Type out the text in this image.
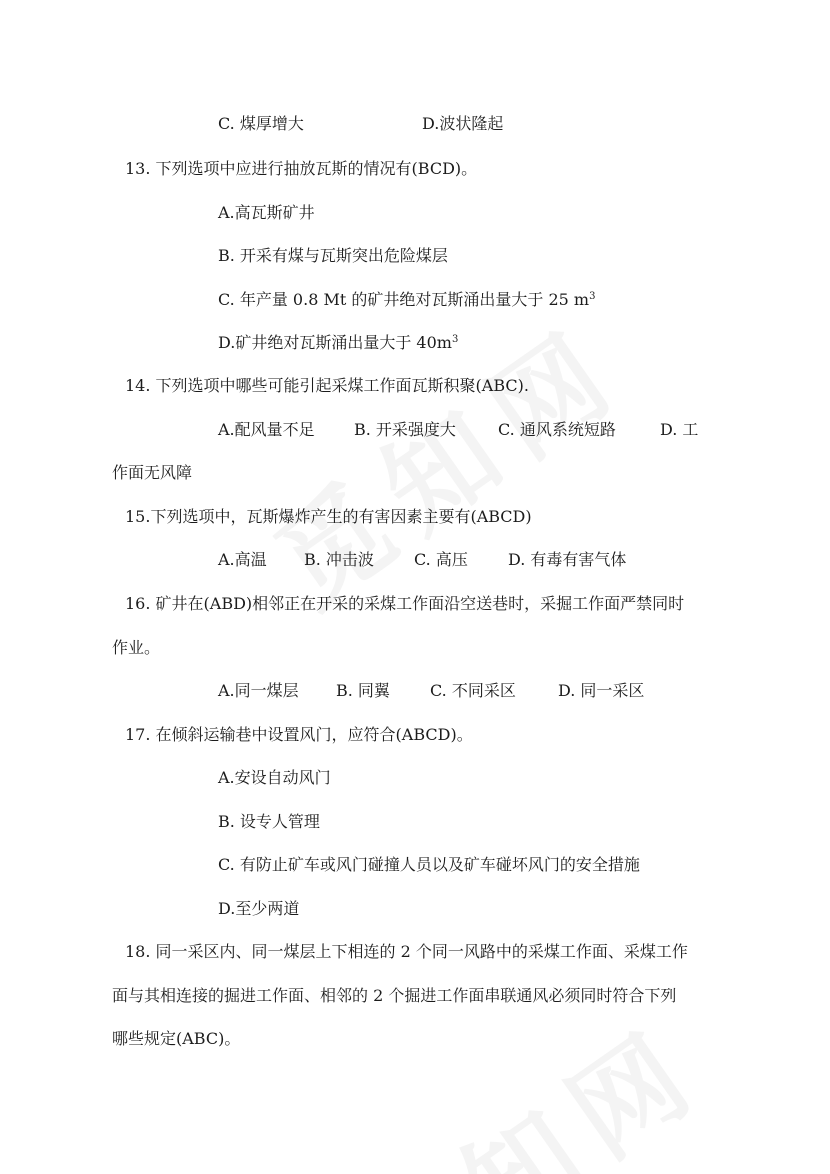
C. 煤厚增大	D.波状隆起
13. 下列选项中应进行抽放瓦斯的情况有(BCD)。
A.高瓦斯矿井
B. 开采有煤与瓦斯突出危险煤层
C. 年产量 0.8 Mt 的矿井绝对瓦斯涌出量大于 25 $m^3$
D.矿井绝对瓦斯涌出量大于 $40m^3$
14. 下列选项中哪些可能引起采煤工作面瓦斯积聚(ABC).
A.配风量不足 B. 开采强度大	C. 通风系统短路	D. 工
作面无风障
15.下列选项中，瓦斯爆炸产生的有害因素主要有(ABCD)
A.高温 B. 冲击波	C. 高压	D. 有毒有害气体
16. 矿井在(ABD)相邻正在开采的采煤工作面沿空送巷时，采掘工作面严禁同时
作业。
A.同一煤层 B. 同翼	C. 不同采区	D. 同一采区
17. 在倾斜运输巷中设置风门，应符合(ABCD)。
A.安设自动风门
B. 设专人管理
C. 有防止矿车或风门碰撞人员以及矿车碰坏风门的安全措施
D.至少两道
18. 同一采区内、同一煤层上下相连的 2 个同一风路中的采煤工作面、采煤工作
面与其相连接的掘进工作面、相邻的 2 个掘进工作面串联通风必须同时符合下列
哪些规定(ABC)。
